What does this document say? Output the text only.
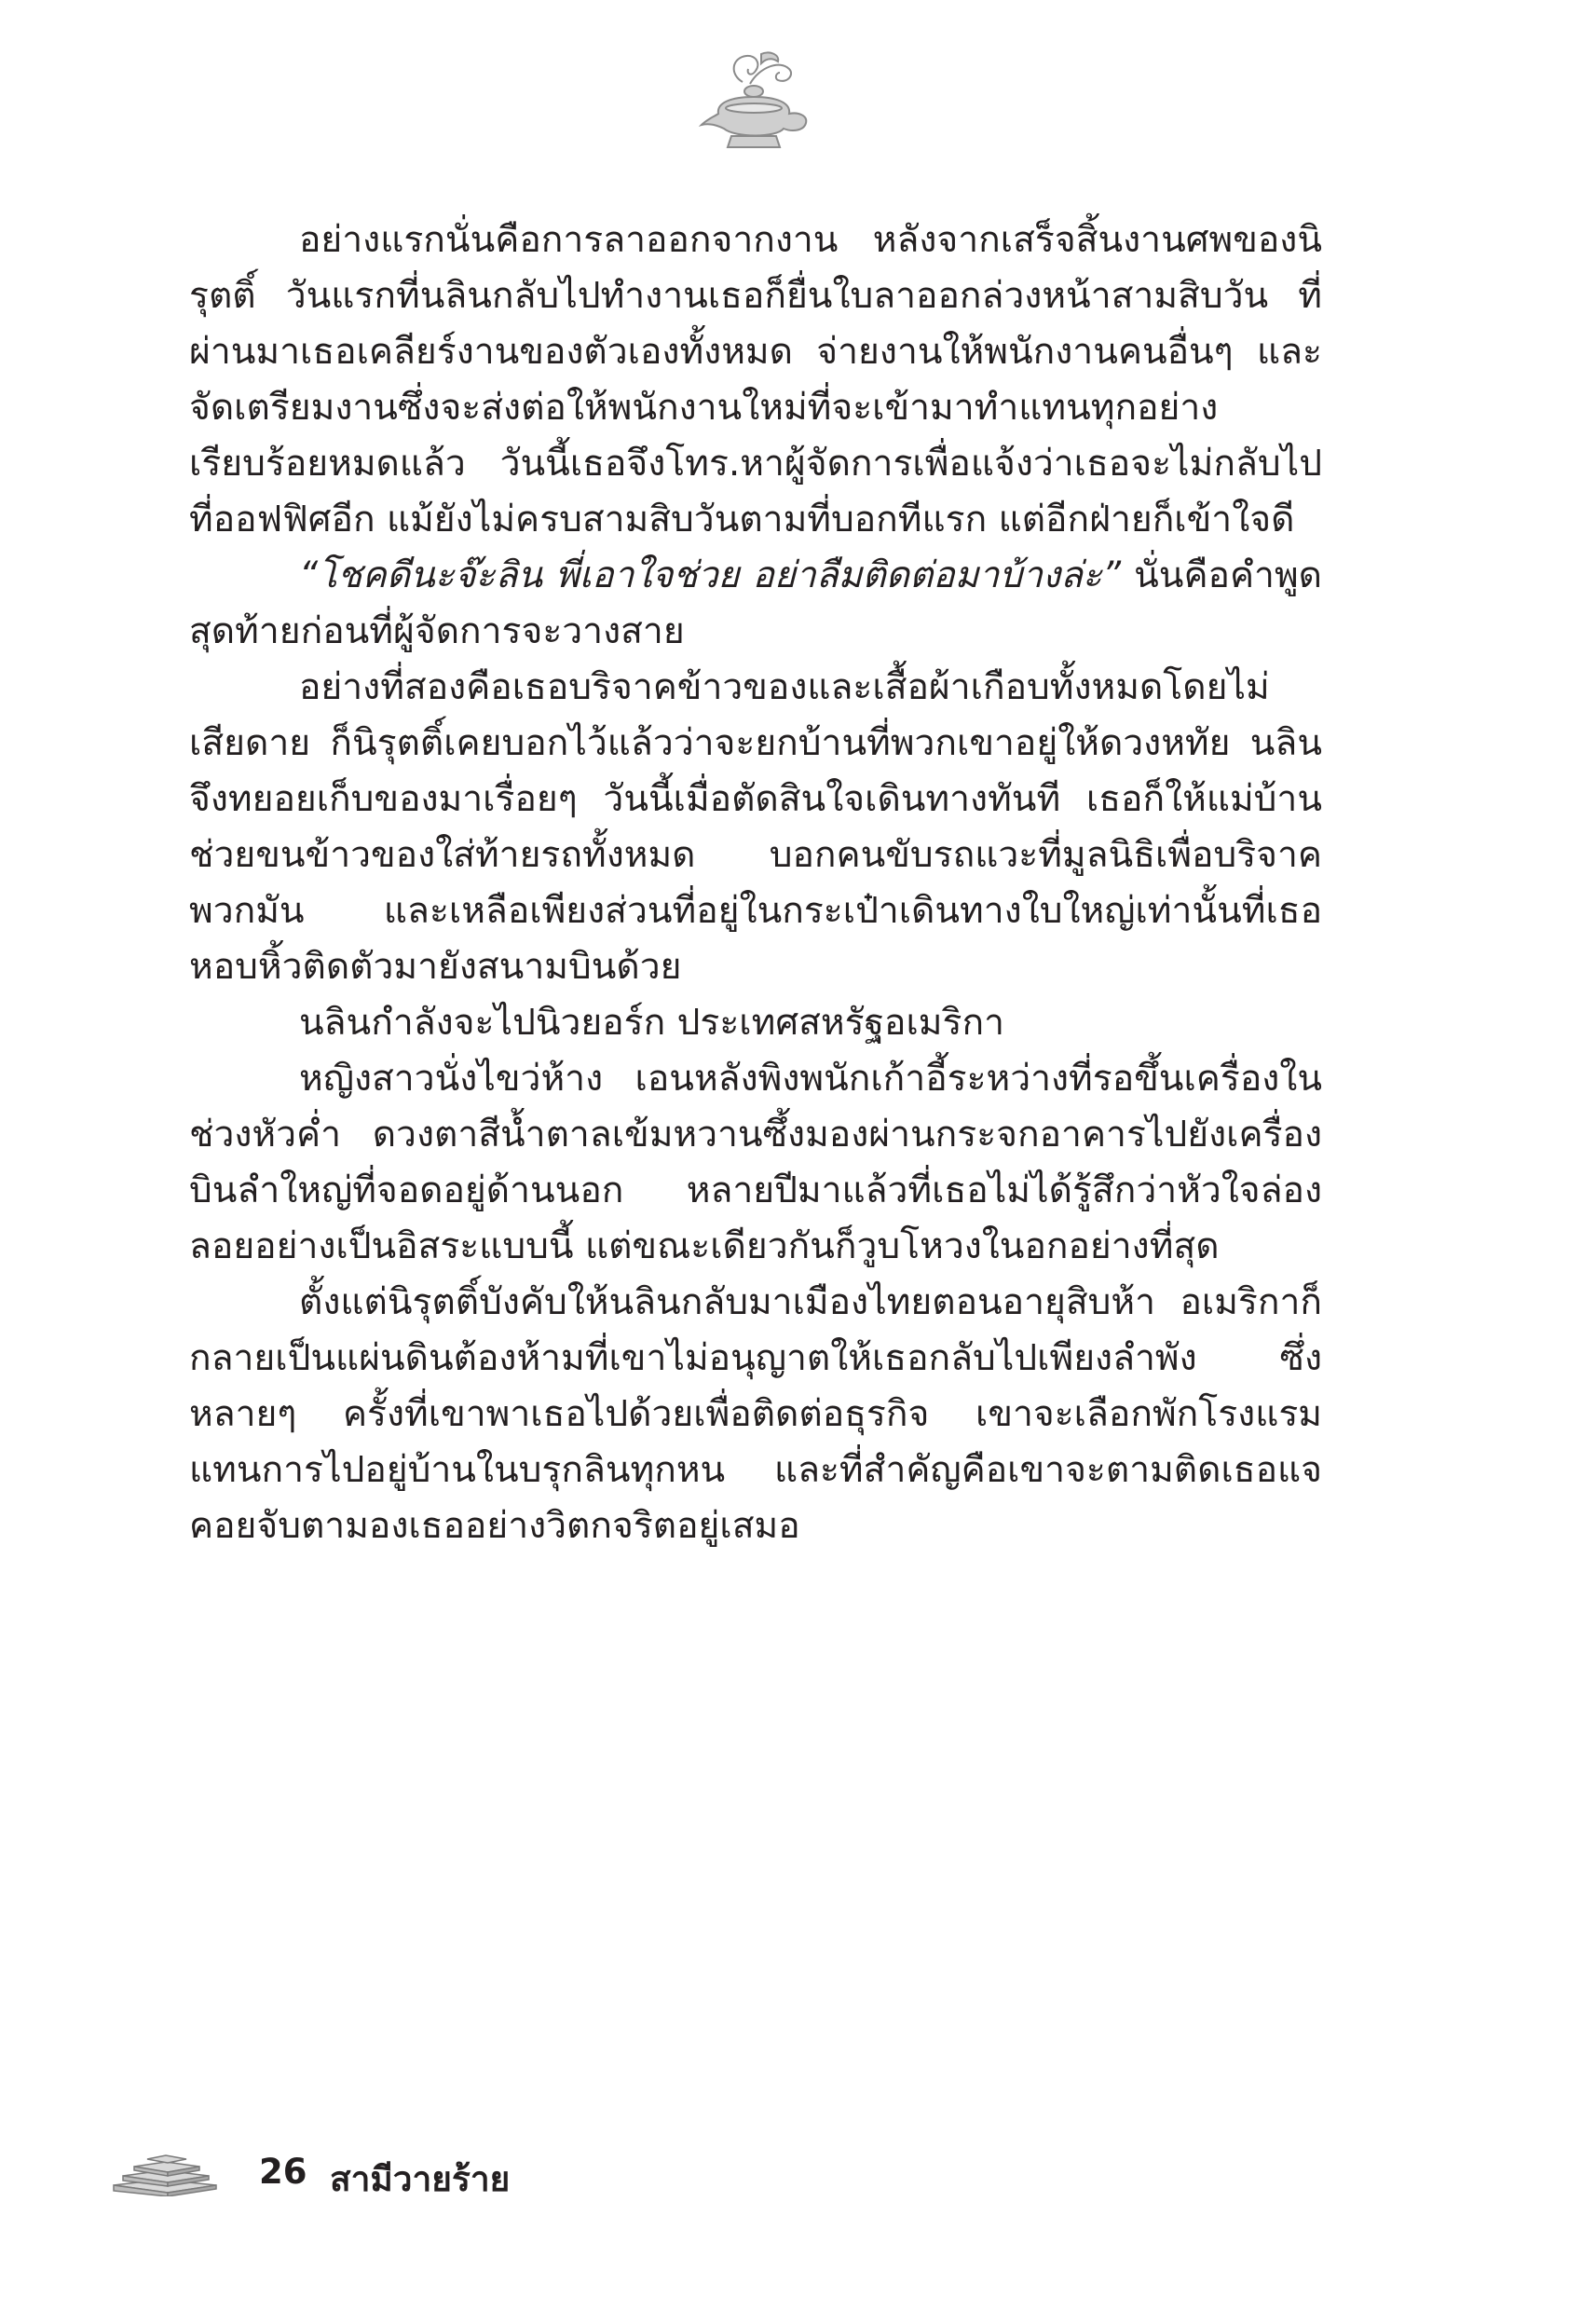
อย่างแรกนั่นคือการลาออกจากงาน หลังจากเสร็จสิ้นงานศพของนิรุตติ์ วันแรกที่นลินกลับไปทำงานเธอก็ยื่นใบลาออกล่วงหน้าสามสิบวัน ที่ผ่านมาเธอเคลียร์งานของตัวเองทั้งหมด จ่ายงานให้พนักงานคนอื่นๆ และจัดเตรียมงานซึ่งจะส่งต่อให้พนักงานใหม่ที่จะเข้ามาทำแทนทุกอย่างเรียบร้อยหมดแล้ว วันนี้เธอจึงโทร.หาผู้จัดการเพื่อแจ้งว่าเธอจะไม่กลับไปที่ออฟฟิศอีก แม้ยังไม่ครบสามสิบวันตามที่บอกทีแรก แต่อีกฝ่ายก็เข้าใจดี

“โชคดีนะจ๊ะลิน พี่เอาใจช่วย อย่าลืมติดต่อมาบ้างล่ะ” นั่นคือคำพูดสุดท้ายก่อนที่ผู้จัดการจะวางสาย

อย่างที่สองคือเธอบริจาคข้าวของและเสื้อผ้าเกือบทั้งหมดโดยไม่เสียดาย ก็นิรุตติ์เคยบอกไว้แล้วว่าจะยกบ้านที่พวกเขาอยู่ให้ดวงหทัย นลินจึงทยอยเก็บของมาเรื่อยๆ วันนี้เมื่อตัดสินใจเดินทางทันที เธอก็ให้แม่บ้านช่วยขนข้าวของใส่ท้ายรถทั้งหมด บอกคนขับรถแวะที่มูลนิธิเพื่อบริจาคพวกมัน และเหลือเพียงส่วนที่อยู่ในกระเป๋าเดินทางใบใหญ่เท่านั้นที่เธอหอบหิ้วติดตัวมายังสนามบินด้วย

นลินกำลังจะไปนิวยอร์ก ประเทศสหรัฐอเมริกา

หญิงสาวนั่งไขว่ห้าง เอนหลังพิงพนักเก้าอี้ระหว่างที่รอขึ้นเครื่องในช่วงหัวค่ำ ดวงตาสีน้ำตาลเข้มหวานซึ้งมองผ่านกระจกอาคารไปยังเครื่องบินลำใหญ่ที่จอดอยู่ด้านนอก หลายปีมาแล้วที่เธอไม่ได้รู้สึกว่าหัวใจล่องลอยอย่างเป็นอิสระแบบนี้ แต่ขณะเดียวกันก็วูบโหวงในอกอย่างที่สุด

ตั้งแต่นิรุตติ์บังคับให้นลินกลับมาเมืองไทยตอนอายุสิบห้า อเมริกาก็กลายเป็นแผ่นดินต้องห้ามที่เขาไม่อนุญาตให้เธอกลับไปเพียงลำพัง ซึ่งหลายๆ ครั้งที่เขาพาเธอไปด้วยเพื่อติดต่อธุรกิจ เขาจะเลือกพักโรงแรมแทนการไปอยู่บ้านในบรุกลินทุกหน และที่สำคัญคือเขาจะตามติดเธอแจ คอยจับตามองเธออย่างวิตกจริตอยู่เสมอ

26 สามีวายร้าย
